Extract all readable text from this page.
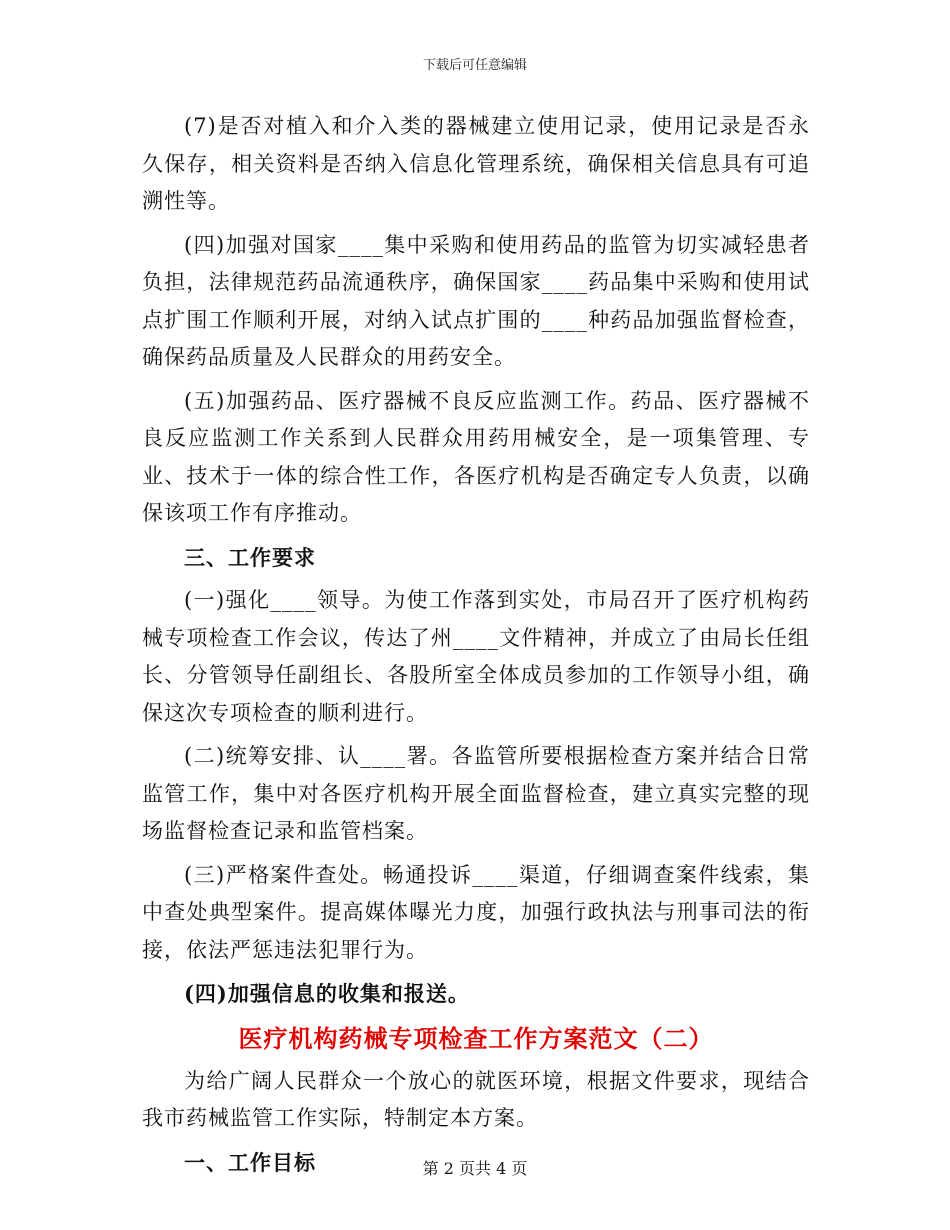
下载后可任意编辑

(7)是否对植入和介入类的器械建立使用记录，使用记录是否永久保存，相关资料是否纳入信息化管理系统，确保相关信息具有可追溯性等。

(四)加强对国家____集中采购和使用药品的监管为切实减轻患者负担，法律规范药品流通秩序，确保国家____药品集中采购和使用试点扩围工作顺利开展，对纳入试点扩围的____种药品加强监督检查，确保药品质量及人民群众的用药安全。

(五)加强药品、医疗器械不良反应监测工作。药品、医疗器械不良反应监测工作关系到人民群众用药用械安全，是一项集管理、专业、技术于一体的综合性工作，各医疗机构是否确定专人负责，以确保该项工作有序推动。

三、工作要求

(一)强化____领导。为使工作落到实处，市局召开了医疗机构药械专项检查工作会议，传达了州____文件精神，并成立了由局长任组长、分管领导任副组长、各股所室全体成员参加的工作领导小组，确保这次专项检查的顺利进行。

(二)统筹安排、认____署。各监管所要根据检查方案并结合日常监管工作，集中对各医疗机构开展全面监督检查，建立真实完整的现场监督检查记录和监管档案。

(三)严格案件查处。畅通投诉____渠道，仔细调查案件线索，集中查处典型案件。提高媒体曝光力度，加强行政执法与刑事司法的衔接，依法严惩违法犯罪行为。

(四)加强信息的收集和报送。

医疗机构药械专项检查工作方案范文（二）

为给广阔人民群众一个放心的就医环境，根据文件要求，现结合我市药械监管工作实际，特制定本方案。

一、工作目标	第 2 页共 4 页
